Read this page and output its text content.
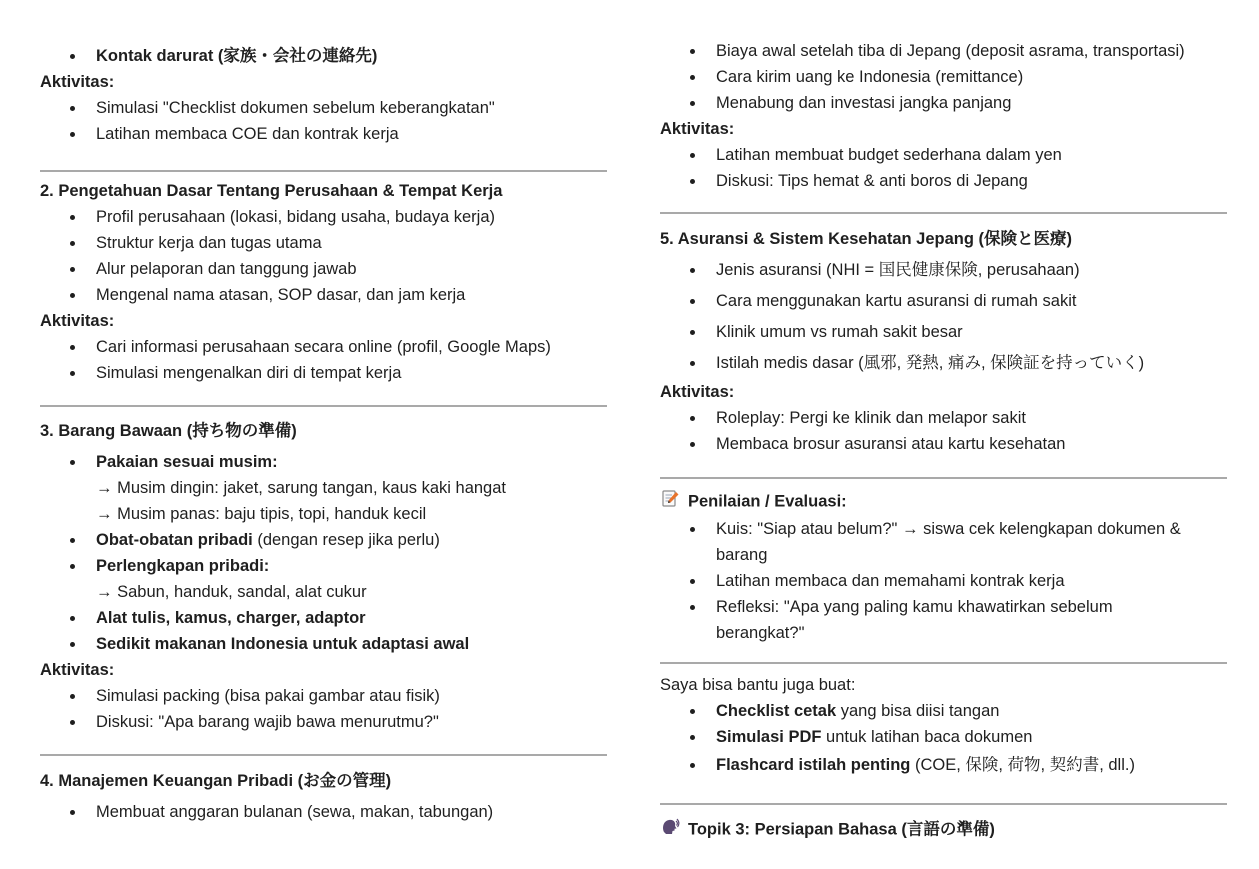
Kontak darurat (家族・会社の連絡先)

Aktivitas:

Simulasi "Checklist dokumen sebelum keberangkatan"
Latihan membaca COE dan kontrak kerja

2. Pengetahuan Dasar Tentang Perusahaan & Tempat Kerja

Profil perusahaan (lokasi, bidang usaha, budaya kerja)
Struktur kerja dan tugas utama
Alur pelaporan dan tanggung jawab
Mengenal nama atasan, SOP dasar, dan jam kerja

Aktivitas:

Cari informasi perusahaan secara online (profil, Google Maps)
Simulasi mengenalkan diri di tempat kerja

3. Barang Bawaan (持ち物の準備)

Pakaian sesuai musim:
→ Musim dingin: jaket, sarung tangan, kaus kaki hangat
→ Musim panas: baju tipis, topi, handuk kecil
Obat-obatan pribadi (dengan resep jika perlu)
Perlengkapan pribadi:
→ Sabun, handuk, sandal, alat cukur
Alat tulis, kamus, charger, adaptor
Sedikit makanan Indonesia untuk adaptasi awal

Aktivitas:

Simulasi packing (bisa pakai gambar atau fisik)
Diskusi: "Apa barang wajib bawa menurutmu?"

4. Manajemen Keuangan Pribadi (お金の管理)

Membuat anggaran bulanan (sewa, makan, tabungan)
Biaya awal setelah tiba di Jepang (deposit asrama, transportasi)
Cara kirim uang ke Indonesia (remittance)
Menabung dan investasi jangka panjang

Aktivitas:

Latihan membuat budget sederhana dalam yen
Diskusi: Tips hemat & anti boros di Jepang

5. Asuransi & Sistem Kesehatan Jepang (保険と医療)

Jenis asuransi (NHI = 国民健康保険, perusahaan)
Cara menggunakan kartu asuransi di rumah sakit
Klinik umum vs rumah sakit besar
Istilah medis dasar (風邪, 発熱, 痛み, 保険証を持っていく)

Aktivitas:

Roleplay: Pergi ke klinik dan melapor sakit
Membaca brosur asuransi atau kartu kesehatan

Penilaian / Evaluasi:

Kuis: "Siap atau belum?" → siswa cek kelengkapan dokumen & barang
Latihan membaca dan memahami kontrak kerja
Refleksi: "Apa yang paling kamu khawatirkan sebelum berangkat?"

Saya bisa bantu juga buat:

Checklist cetak yang bisa diisi tangan
Simulasi PDF untuk latihan baca dokumen
Flashcard istilah penting (COE, 保険, 荷物, 契約書, dll.)

Topik 3: Persiapan Bahasa (言語の準備)
